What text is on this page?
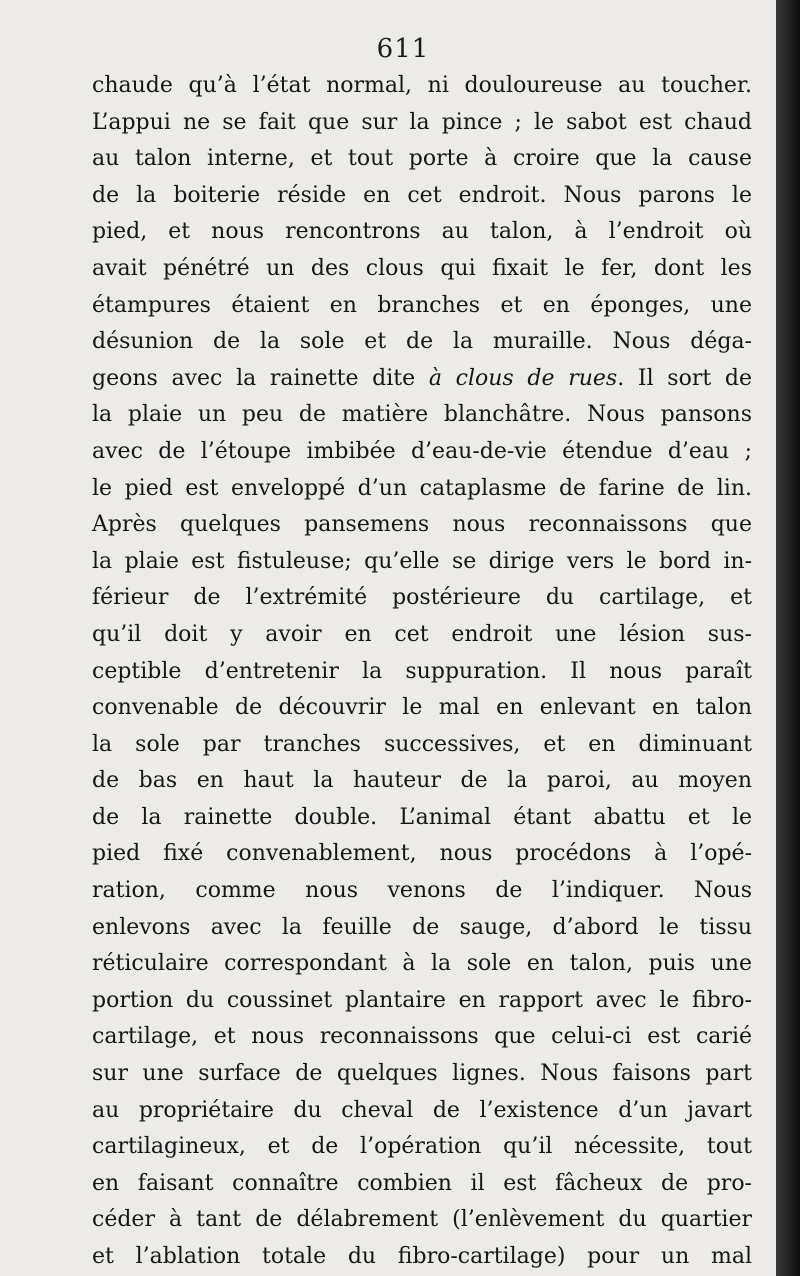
611

chaude qu’à l’état normal, ni douloureuse au toucher.
L’appui ne se fait que sur la pince ; le sabot est chaud
au talon interne, et tout porte à croire que la cause
de la boiterie réside en cet endroit. Nous parons le
pied, et nous rencontrons au talon, à l’endroit où
avait pénétré un des clous qui fixait le fer, dont les
étampures étaient en branches et en éponges, une
désunion de la sole et de la muraille. Nous déga-
geons avec la rainette dite à clous de rues. Il sort de
la plaie un peu de matière blanchâtre. Nous pansons
avec de l’étoupe imbibée d’eau-de-vie étendue d’eau ;
le pied est enveloppé d’un cataplasme de farine de lin.
Après quelques pansemens nous reconnaissons que
la plaie est fistuleuse; qu’elle se dirige vers le bord in-
férieur de l’extrémité postérieure du cartilage, et
qu’il doit y avoir en cet endroit une lésion sus-
ceptible d’entretenir la suppuration. Il nous paraît
convenable de découvrir le mal en enlevant en talon
la sole par tranches successives, et en diminuant
de bas en haut la hauteur de la paroi, au moyen
de la rainette double. L’animal étant abattu et le
pied fixé convenablement, nous procédons à l’opé-
ration, comme nous venons de l’indiquer. Nous
enlevons avec la feuille de sauge, d’abord le tissu
réticulaire correspondant à la sole en talon, puis une
portion du coussinet plantaire en rapport avec le fibro-
cartilage, et nous reconnaissons que celui-ci est carié
sur une surface de quelques lignes. Nous faisons part
au propriétaire du cheval de l’existence d’un javart
cartilagineux, et de l’opération qu’il nécessite, tout
en faisant connaître combien il est fâcheux de pro-
céder à tant de délabrement (l’enlèvement du quartier
et l’ablation totale du fibro-cartilage) pour un mal
